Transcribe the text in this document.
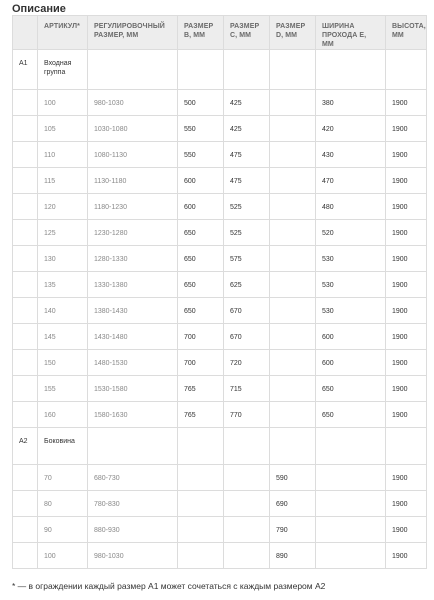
Описание
	АРТИКУЛ*	РЕГУЛИРОВОЧНЫЙ РАЗМЕР, ММ	РАЗМЕР B, ММ	РАЗМЕР C, ММ	РАЗМЕР D, ММ	ШИРИНА ПРОХОДА E, ММ	ВЫСОТА, ММ
А1	Входная группа						
	100	980-1030	500	425		380	1900
	105	1030-1080	550	425		420	1900
	110	1080-1130	550	475		430	1900
	115	1130-1180	600	475		470	1900
	120	1180-1230	600	525		480	1900
	125	1230-1280	650	525		520	1900
	130	1280-1330	650	575		530	1900
	135	1330-1380	650	625		530	1900
	140	1380-1430	650	670		530	1900
	145	1430-1480	700	670		600	1900
	150	1480-1530	700	720		600	1900
	155	1530-1580	765	715		650	1900
	160	1580-1630	765	770		650	1900
А2	Боковина						
	70	680-730			590		1900
	80	780-830			690		1900
	90	880-930			790		1900
	100	980-1030			890		1900
* — в ограждении каждый размер А1 может сочетаться с каждым размером А2
